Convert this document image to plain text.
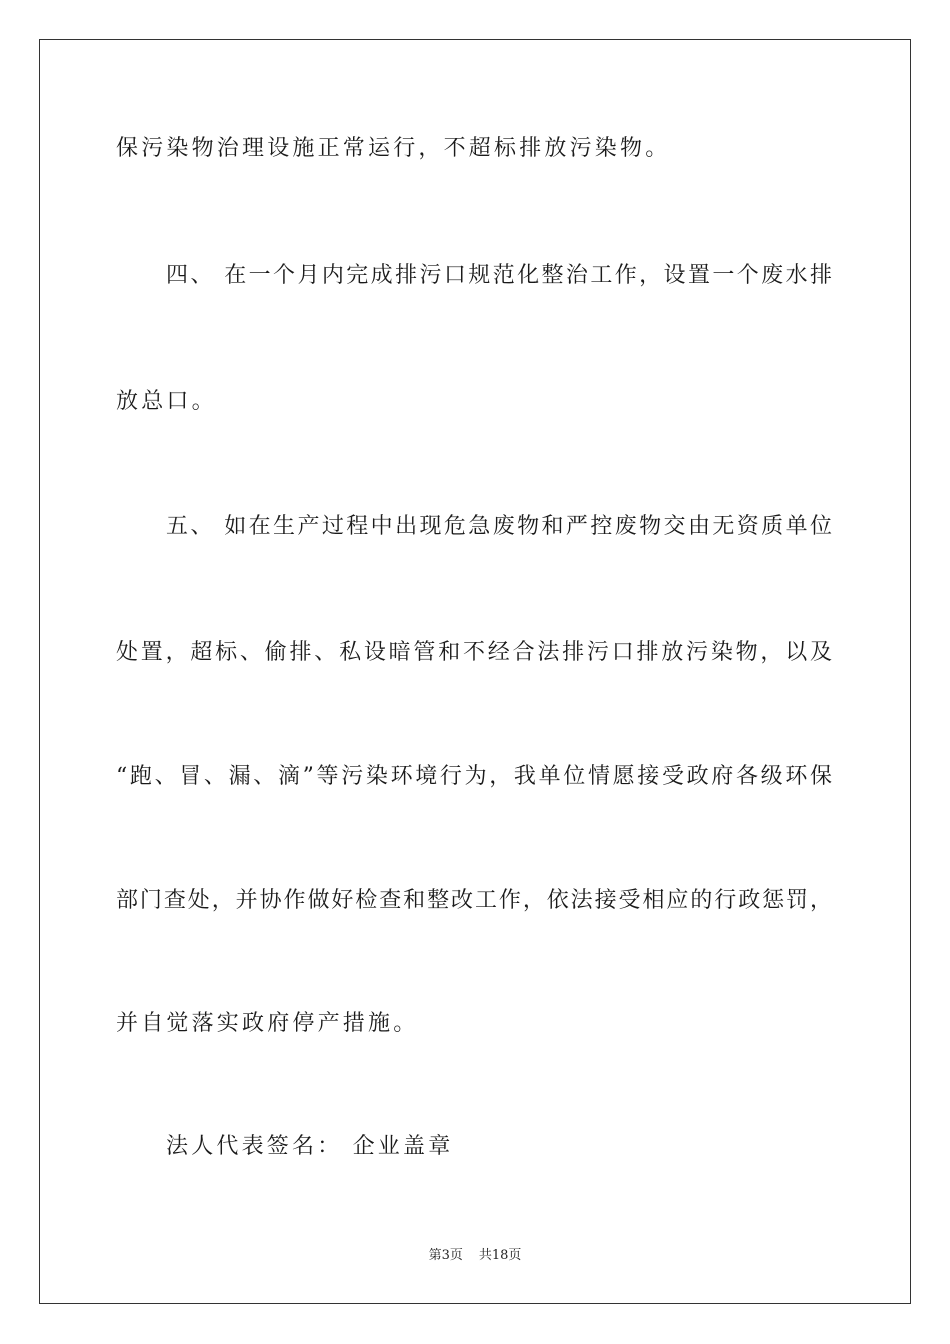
保污染物治理设施正常运行，不超标排放污染物。
四、 在一个月内完成排污口规范化整治工作，设置一个废水排
放总口。
五、 如在生产过程中出现危急废物和严控废物交由无资质单位
处置，超标、偷排、私设暗管和不经合法排污口排放污染物，以及
“跑、冒、漏、滴”等污染环境行为，我单位情愿接受政府各级环保
部门查处，并协作做好检查和整改工作，依法接受相应的行政惩罚，
并自觉落实政府停产措施。
法人代表签名： 企业盖章
第3页 共18页
